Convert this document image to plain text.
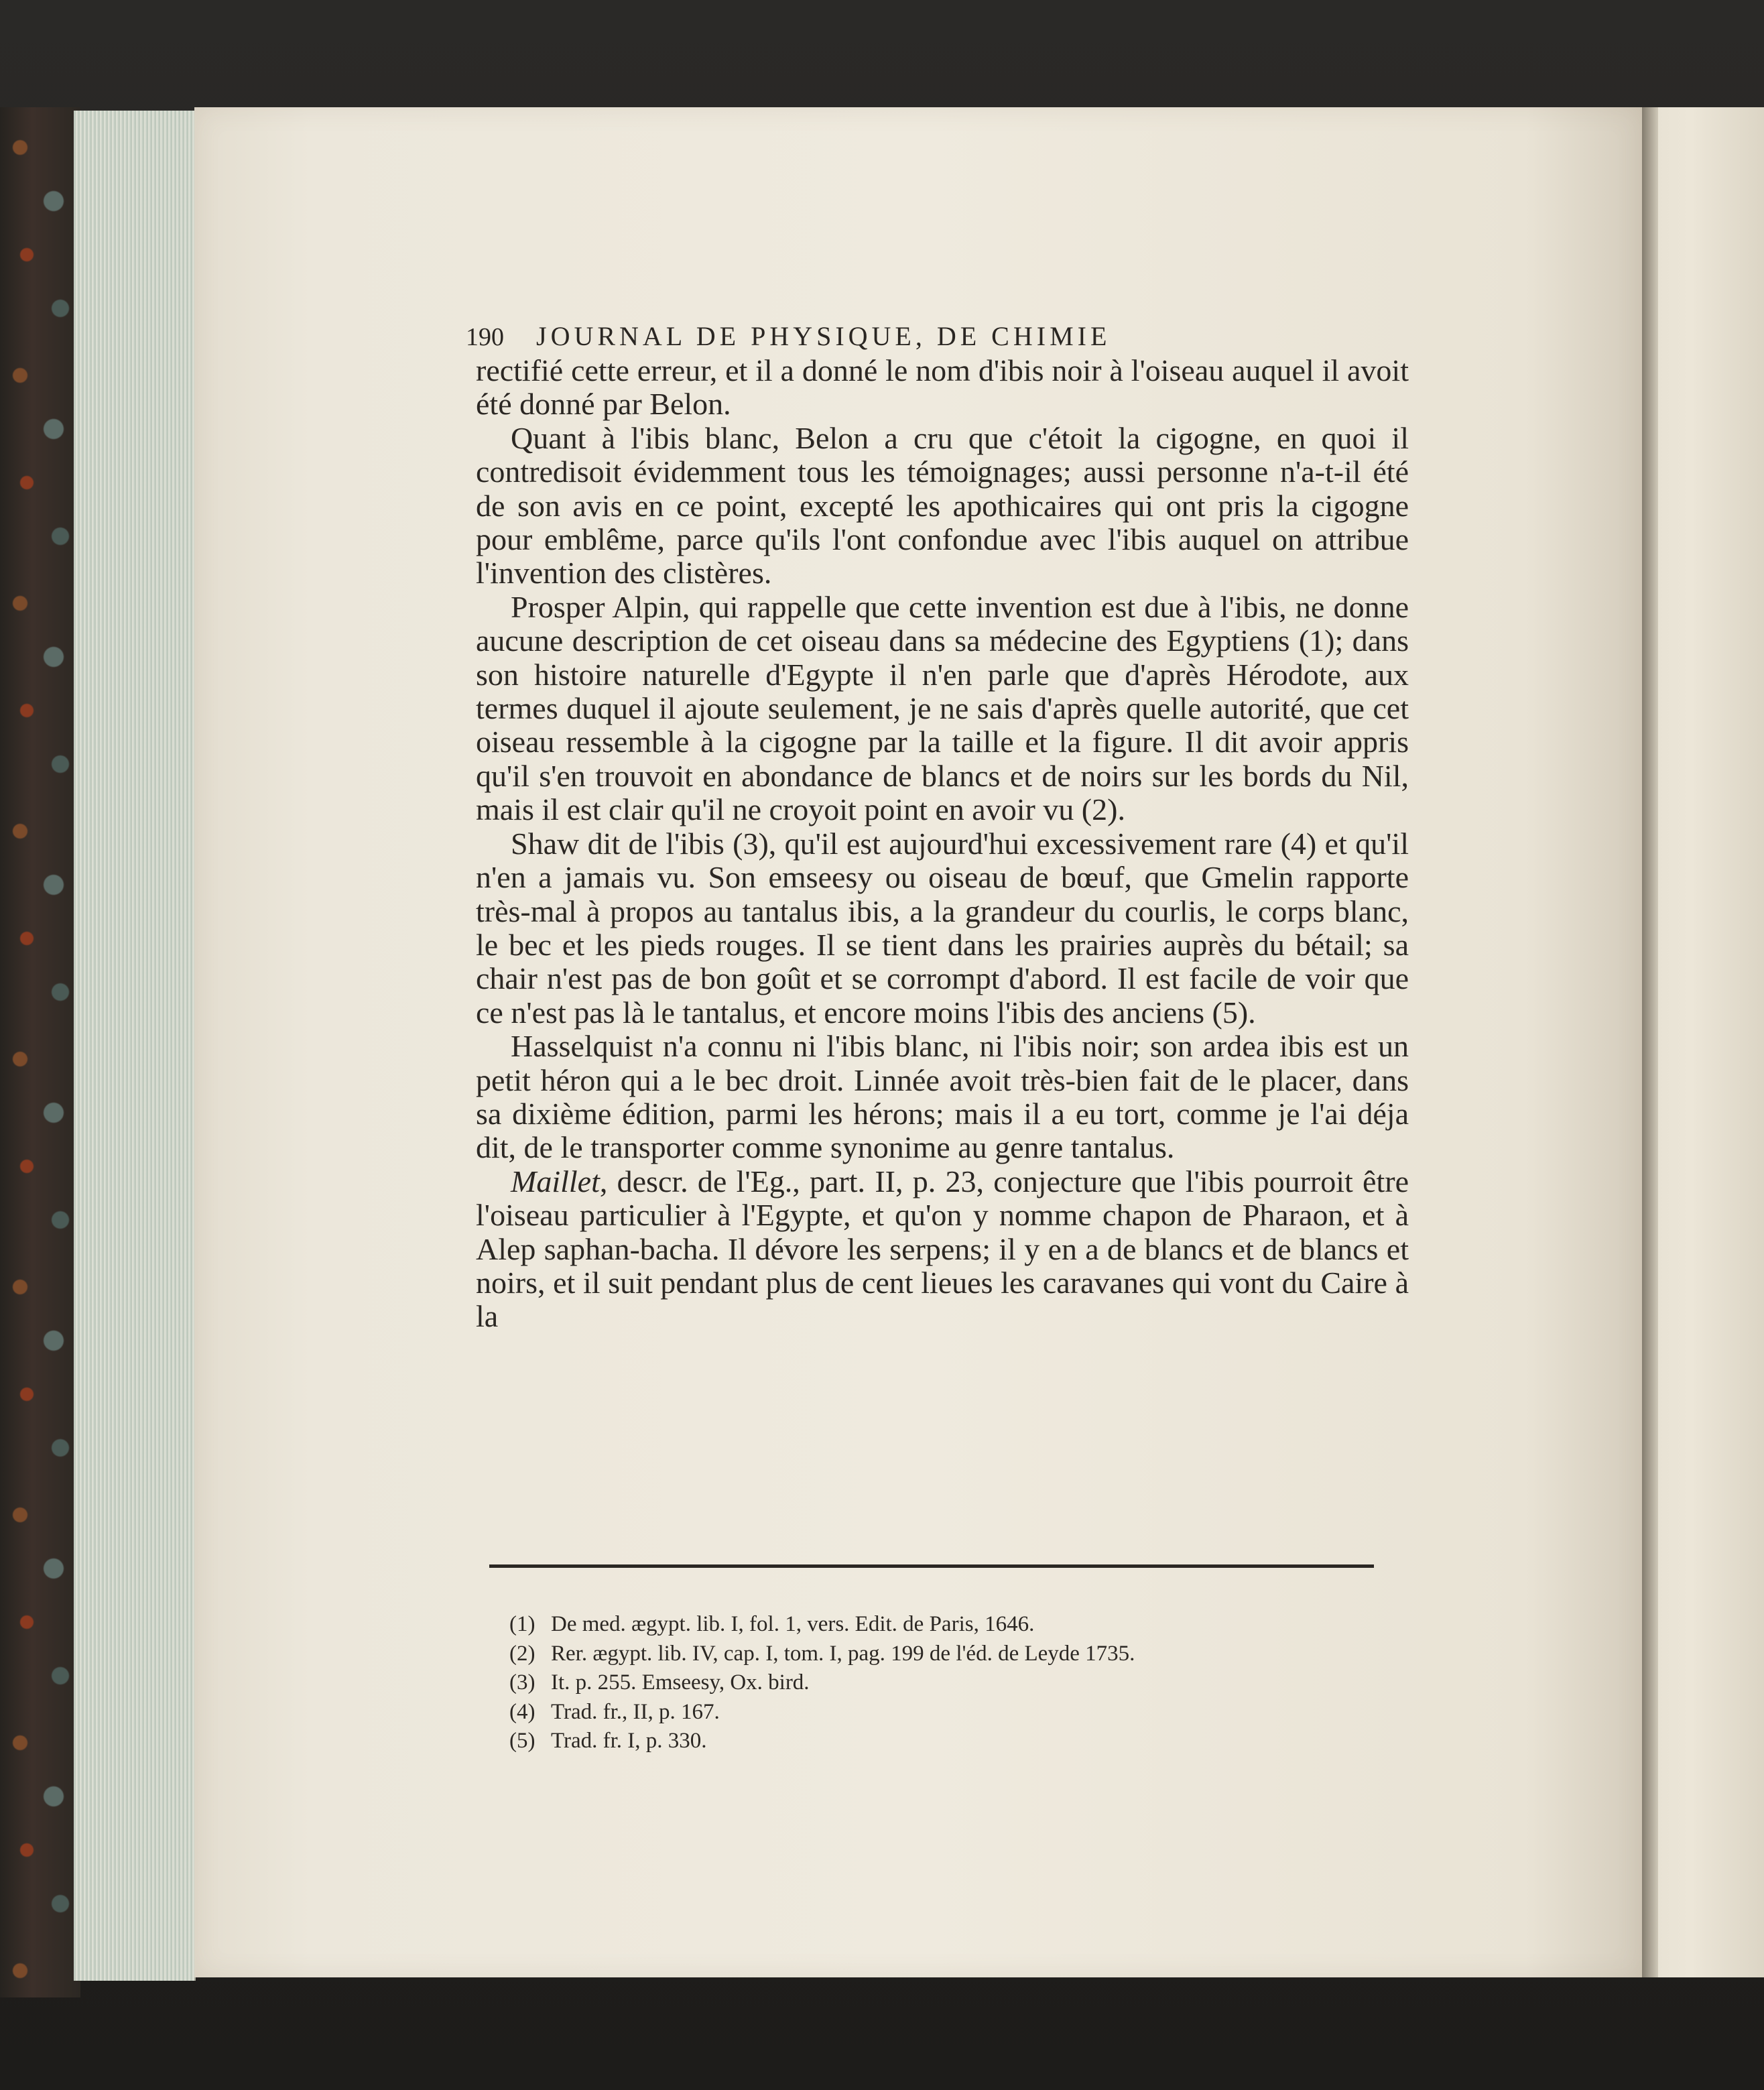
190 JOURNAL DE PHYSIQUE, DE CHIMIE

rectifié cette erreur, et il a donné le nom d'ibis noir à l'oiseau auquel il avoit été donné par Belon.

Quant à l'ibis blanc, Belon a cru que c'étoit la cigogne, en quoi il contredisoit évidemment tous les témoignages; aussi personne n'a-t-il été de son avis en ce point, excepté les apothicaires qui ont pris la cigogne pour emblême, parce qu'ils l'ont confondue avec l'ibis auquel on attribue l'invention des clistères.

Prosper Alpin, qui rappelle que cette invention est due à l'ibis, ne donne aucune description de cet oiseau dans sa médecine des Egyptiens (1); dans son histoire naturelle d'Egypte il n'en parle que d'après Hérodote, aux termes duquel il ajoute seulement, je ne sais d'après quelle autorité, que cet oiseau ressemble à la cigogne par la taille et la figure. Il dit avoir appris qu'il s'en trouvoit en abondance de blancs et de noirs sur les bords du Nil, mais il est clair qu'il ne croyoit point en avoir vu (2).

Shaw dit de l'ibis (3), qu'il est aujourd'hui excessivement rare (4) et qu'il n'en a jamais vu. Son emseesy ou oiseau de bœuf, que Gmelin rapporte très-mal à propos au tantalus ibis, a la grandeur du courlis, le corps blanc, le bec et les pieds rouges. Il se tient dans les prairies auprès du bétail; sa chair n'est pas de bon goût et se corrompt d'abord. Il est facile de voir que ce n'est pas là le tantalus, et encore moins l'ibis des anciens (5).

Hasselquist n'a connu ni l'ibis blanc, ni l'ibis noir; son ardea ibis est un petit héron qui a le bec droit. Linnée avoit très-bien fait de le placer, dans sa dixième édition, parmi les hérons; mais il a eu tort, comme je l'ai déja dit, de le transporter comme synonime au genre tantalus.

Maillet, descr. de l'Eg., part. II, p. 23, conjecture que l'ibis pourroit être l'oiseau particulier à l'Egypte, et qu'on y nomme chapon de Pharaon, et à Alep saphan-bacha. Il dévore les serpens; il y en a de blancs et de blancs et noirs, et il suit pendant plus de cent lieues les caravanes qui vont du Caire à la

(1) De med. ægypt. lib. I, fol. 1, vers. Edit. de Paris, 1646.
(2) Rer. ægypt. lib. IV, cap. I, tom. I, pag. 199 de l'éd. de Leyde 1735.
(3) It. p. 255. Emseesy, Ox. bird.
(4) Trad. fr., II, p. 167.
(5) Trad. fr. I, p. 330.
